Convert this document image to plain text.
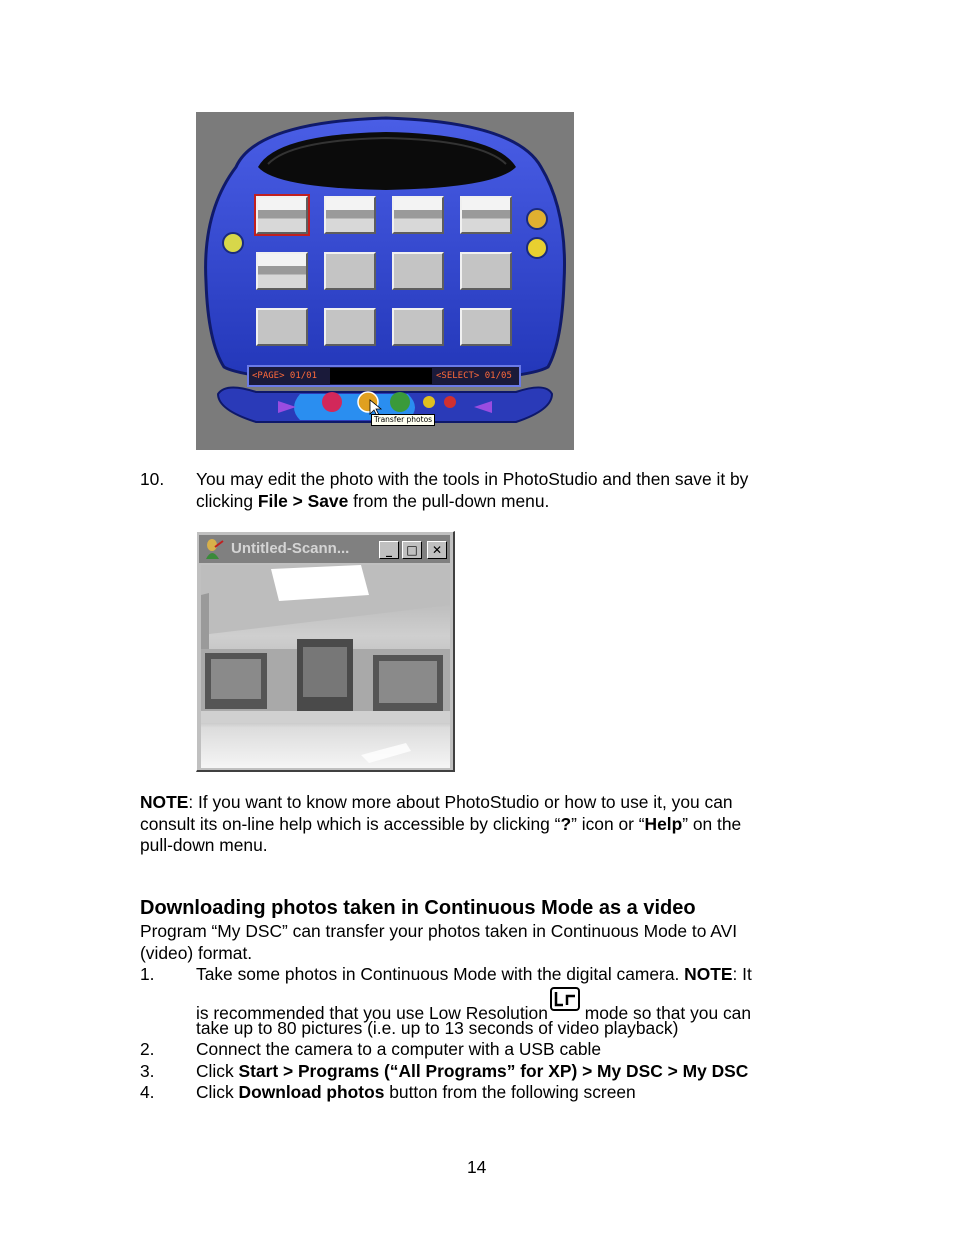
<PAGE> 01/01	<SELECT> 01/05
Transfer photos
10. You may edit the photo with the tools in PhotoStudio and then save it by
clicking File > Save from the pull-down menu.
Untitled-Scann...	_	□	✕
NOTE: If you want to know more about PhotoStudio or how to use it, you can
consult its on-line help which is accessible by clicking “?” icon or “Help” on the
pull-down menu.
Downloading photos taken in Continuous Mode as a video
Program “My DSC” can transfer your photos taken in Continuous Mode to AVI
(video) format.
1. Take some photos in Continuous Mode with the digital camera. NOTE: It
is recommended that you use Low Resolution mode so that you can
take up to 80 pictures (i.e. up to 13 seconds of video playback)
2. Connect the camera to a computer with a USB cable
3. Click Start > Programs (“All Programs” for XP) > My DSC > My DSC
4. Click Download photos button from the following screen
14
